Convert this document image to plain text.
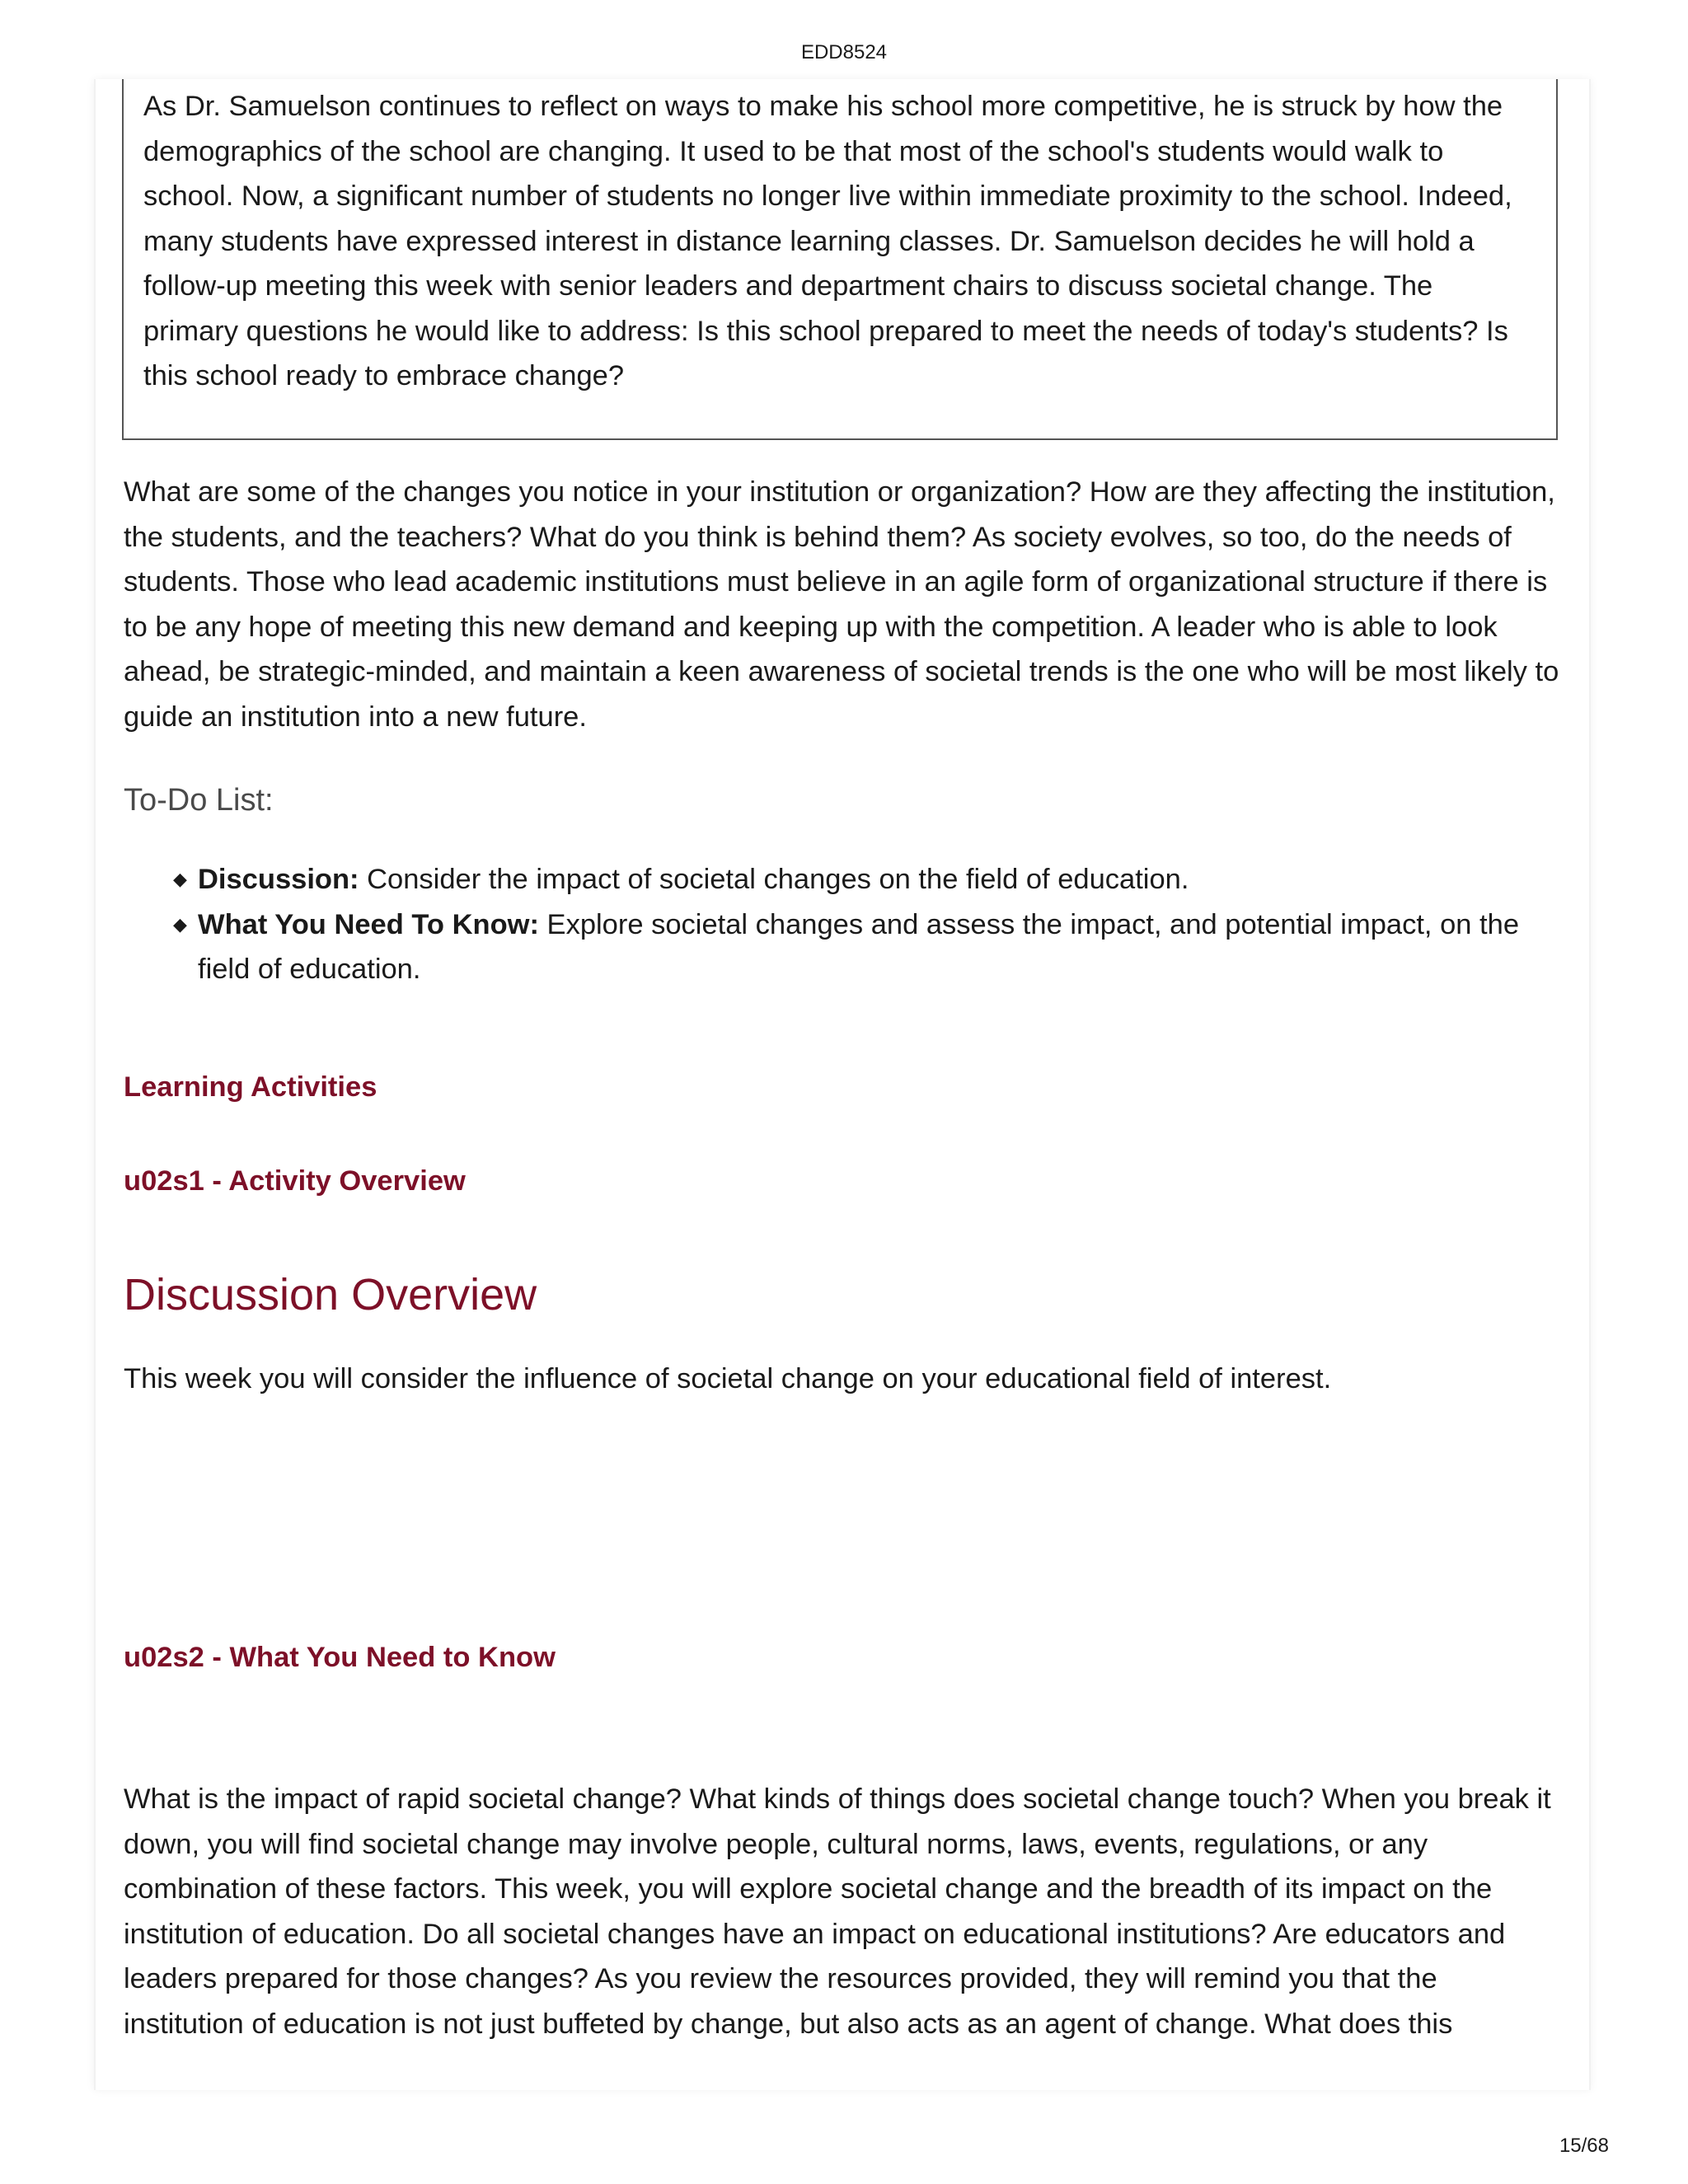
EDD8524

As Dr. Samuelson continues to reflect on ways to make his school more competitive, he is struck by how the demographics of the school are changing. It used to be that most of the school's students would walk to school. Now, a significant number of students no longer live within immediate proximity to the school. Indeed, many students have expressed interest in distance learning classes. Dr. Samuelson decides he will hold a follow-up meeting this week with senior leaders and department chairs to discuss societal change. The primary questions he would like to address: Is this school prepared to meet the needs of today's students? Is this school ready to embrace change?

What are some of the changes you notice in your institution or organization? How are they affecting the institution, the students, and the teachers? What do you think is behind them? As society evolves, so too, do the needs of students. Those who lead academic institutions must believe in an agile form of organizational structure if there is to be any hope of meeting this new demand and keeping up with the competition. A leader who is able to look ahead, be strategic-minded, and maintain a keen awareness of societal trends is the one who will be most likely to guide an institution into a new future.

To-Do List:
◆ Discussion: Consider the impact of societal changes on the field of education.
◆ What You Need To Know: Explore societal changes and assess the impact, and potential impact, on the field of education.
Learning Activities
u02s1 - Activity Overview
Discussion Overview

This week you will consider the influence of societal change on your educational field of interest.

u02s2 - What You Need to Know

What is the impact of rapid societal change? What kinds of things does societal change touch? When you break it down, you will find societal change may involve people, cultural norms, laws, events, regulations, or any combination of these factors. This week, you will explore societal change and the breadth of its impact on the institution of education. Do all societal changes have an impact on educational institutions? Are educators and leaders prepared for those changes? As you review the resources provided, they will remind you that the institution of education is not just buffeted by change, but also acts as an agent of change. What does this

15/68
